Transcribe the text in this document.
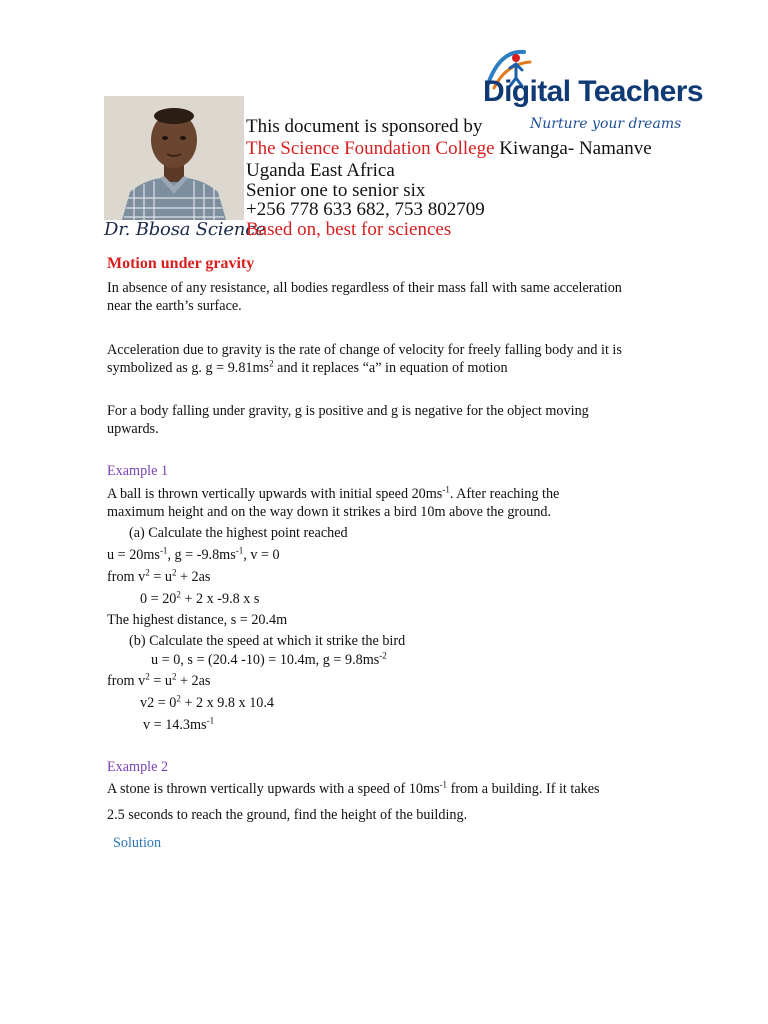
Dr. Bbosa Science
This document is sponsored by
The Science Foundation College Kiwanga- Namanve
Uganda East Africa
Senior one to senior six
+256 778 633 682, 753 802709
Based on, best for sciences
Digital Teachers
Nurture your dreams
Motion under gravity
In absence of any resistance, all bodies regardless of their mass fall with same acceleration
near the earth’s surface.
Acceleration due to gravity is the rate of change of velocity for freely falling body and it is
symbolized as g. $g = 9.81ms^2$ and it replaces “a” in equation of motion
For a body falling under gravity, g is positive and g is negative for the object moving
upwards.
Example 1
A ball is thrown vertically upwards with initial speed $20ms^{-1}$. After reaching the
maximum height and on the way down it strikes a bird 10m above the ground.
(a) Calculate the highest point reached
$u = 20ms^{-1}$, $g = -9.8ms^{-1}$, v = 0
from $v^2 = u^2 + 2as$
$0 = 20^2 + 2$ x -9.8 x s
The highest distance, s = 20.4m
(b) Calculate the speed at which it strike the bird
u = 0, s = (20.4 -10) = 10.4m, $g = 9.8ms^{-2}$
from $v^2 = u^2 + 2as$
$v2 = 0^2 + 2$ x 9.8 x 10.4
$v = 14.3ms^{-1}$
Example 2
A stone is thrown vertically upwards with a speed of $10ms^{-1}$ from a building. If it takes
2.5 seconds to reach the ground, find the height of the building.
Solution
